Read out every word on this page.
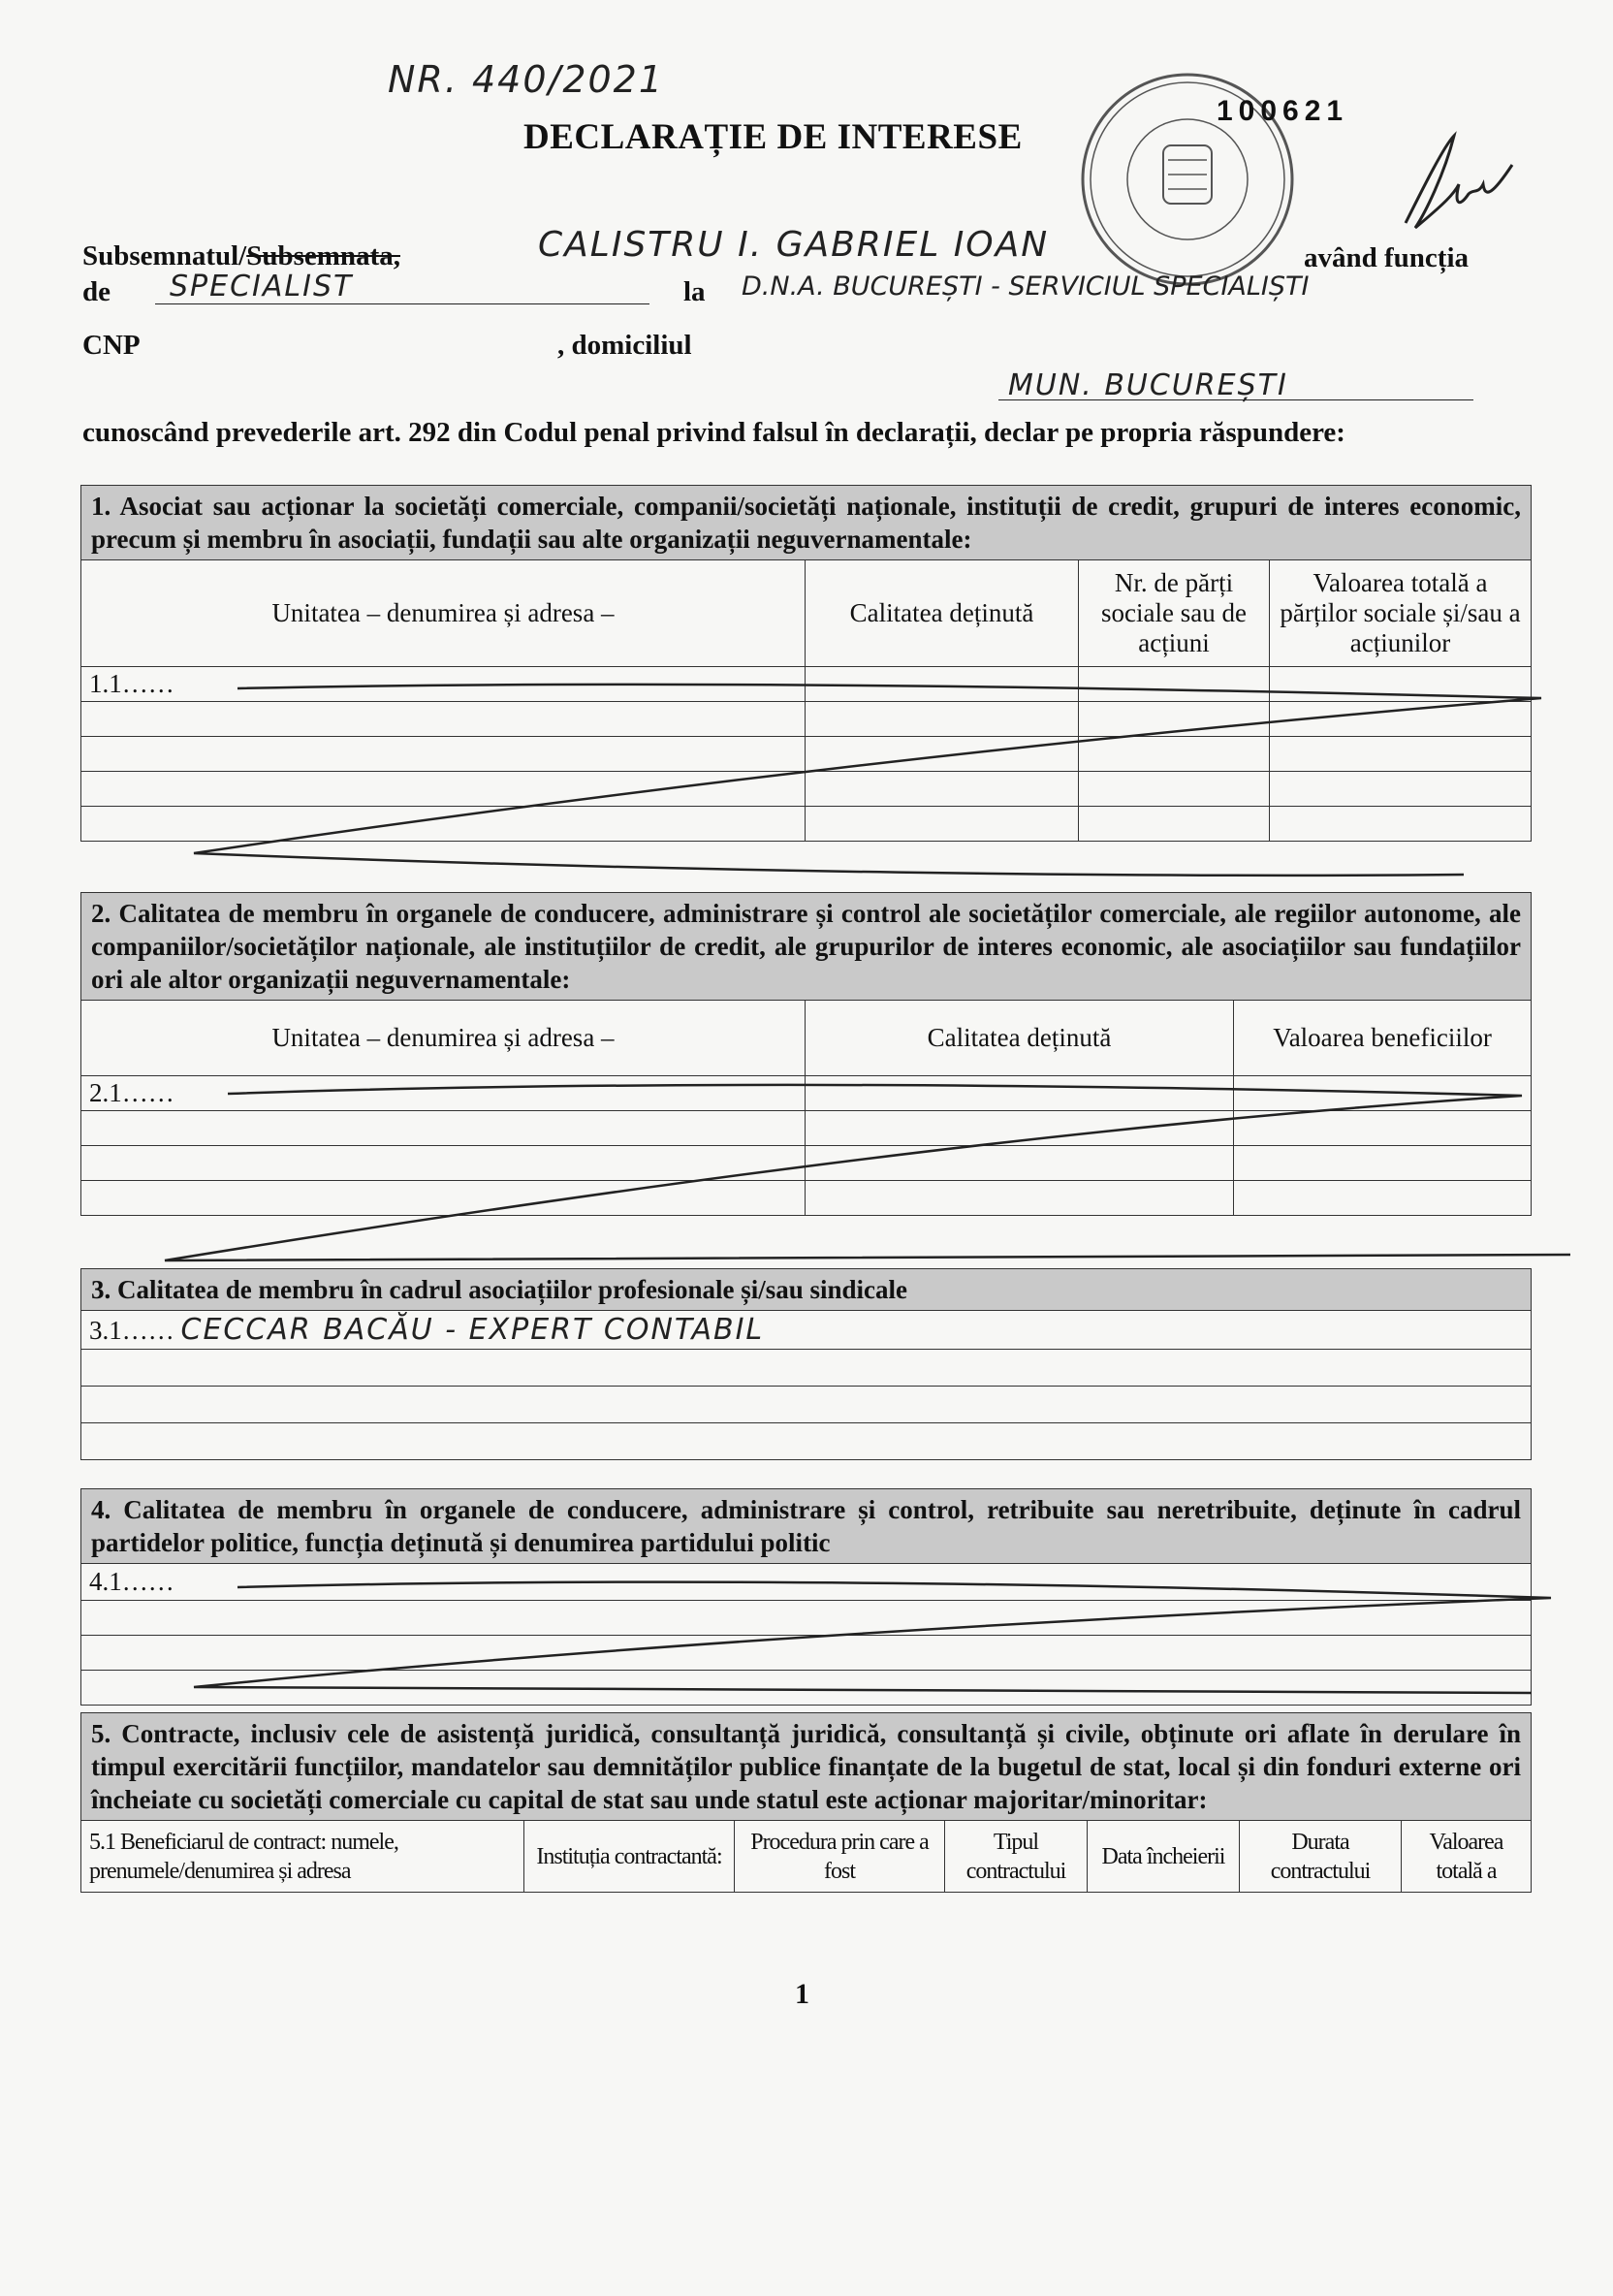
NR. 440/2021
DECLARAȚIE DE INTERESE
100621
Subsemnatul/Subsemnata,	CALISTRU I. GABRIEL IOAN	având funcția
de SPECIALIST	la D.N.A. BUCUREȘTI - SERVICIUL SPECIALIȘTI
CNP	, domiciliul
MUN. BUCUREȘTI
cunoscând prevederile art. 292 din Codul penal privind falsul în declarații, declar pe propria răspundere:
1. Asociat sau acționar la societăți comerciale, companii/societăți naționale, instituții de credit, grupuri de interes economic, precum și membru în asociații, fundații sau alte organizații neguvernamentale:			
Unitatea – denumirea și adresa –	Calitatea deținută	Nr. de părți sociale sau de acțiuni	Valoarea totală a părților sociale și/sau a acțiunilor
1.1……			

2. Calitatea de membru în organele de conducere, administrare și control ale societăților comerciale, ale regiilor autonome, ale companiilor/societăților naționale, ale instituțiilor de credit, ale grupurilor de interes economic, ale asociațiilor sau fundațiilor ori ale altor organizații neguvernamentale:		
Unitatea – denumirea și adresa –	Calitatea deținută	Valoarea beneficiilor
2.1……		

3. Calitatea de membru în cadrul asociațiilor profesionale și/sau sindicale
3.1…… CECCAR BACĂU - EXPERT CONTABIL

4. Calitatea de membru în organele de conducere, administrare și control, retribuite sau neretribuite, deținute în cadrul partidelor politice, funcția deținută și denumirea partidului politic
4.1……

5. Contracte, inclusiv cele de asistență juridică, consultanță juridică, consultanță și civile, obținute ori aflate în derulare în timpul exercitării funcțiilor, mandatelor sau demnităților publice finanțate de la bugetul de stat, local și din fonduri externe ori încheiate cu societăți comerciale cu capital de stat sau unde statul este acționar majoritar/minoritar:
5.1 Beneficiarul de contract: numele, prenumele/denumirea și adresa	Instituția contractantă:	Procedura prin care a fost	Tipul contractului	Data încheierii	Durata contractului	Valoarea totală a
1
